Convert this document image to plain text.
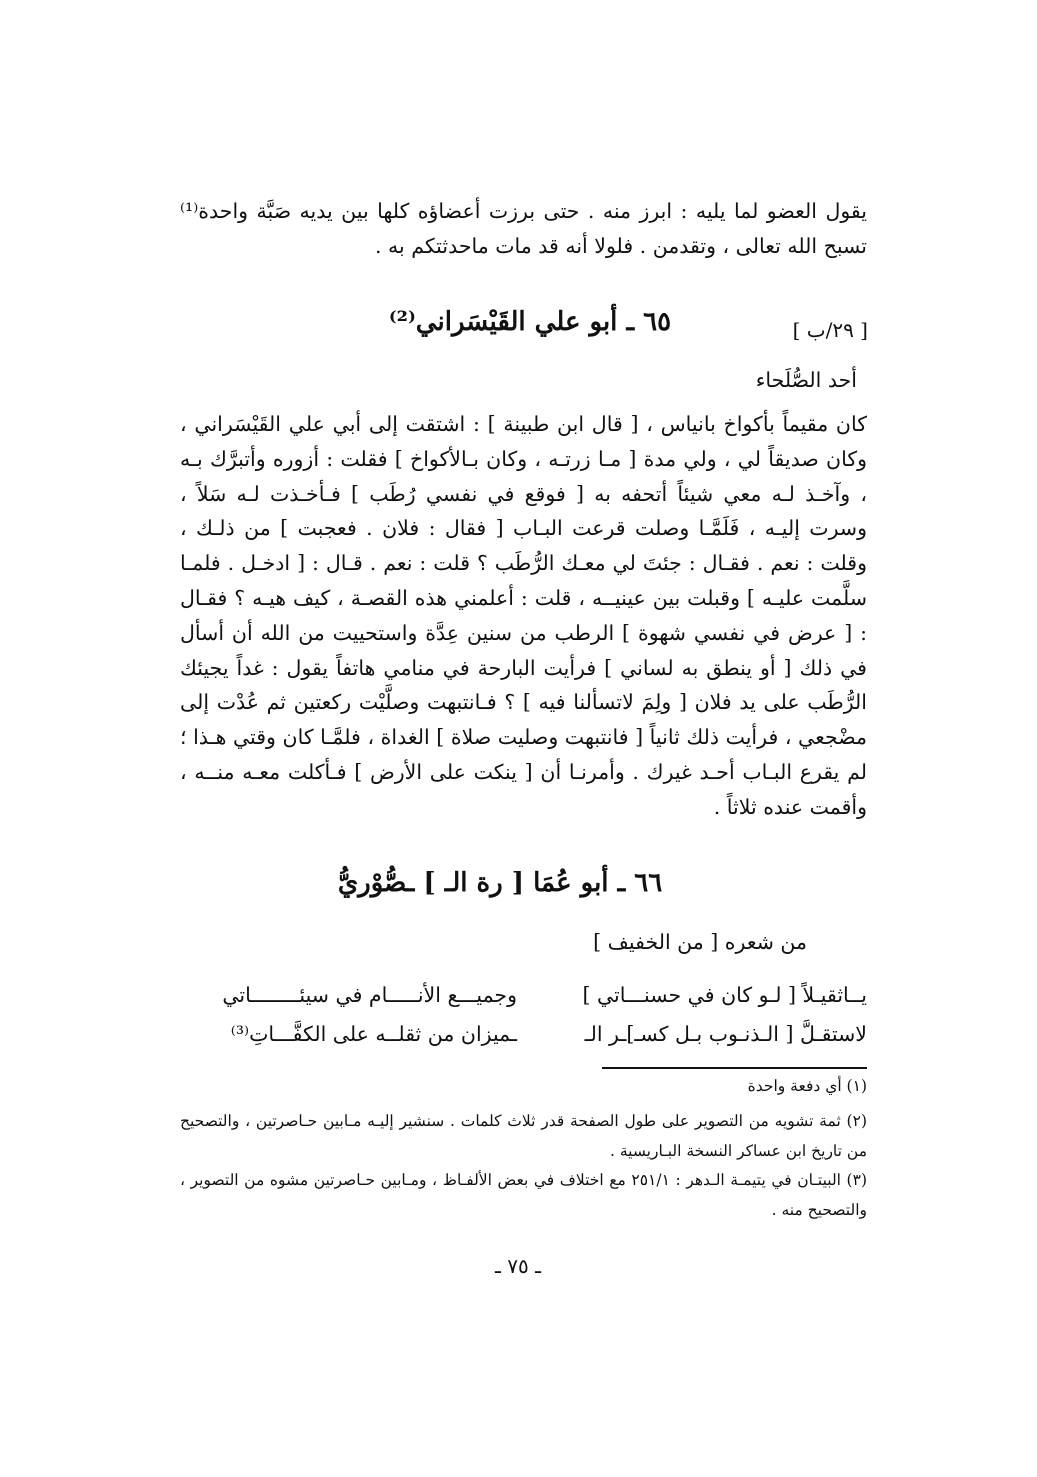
يقول العضو لما يليه : ابرز منه . حتى برزت أعضاؤه كلها بين يديه صَبَّة واحدة⁽¹⁾ تسبح الله تعالى ، وتقدمن . فلولا أنه قد مات ماحدثتكم به .

[ ٢٩/ب ]
٦٥ ـ أبو علي القَيْسَراني⁽²⁾
أحد الصُّلَحاء

كان مقيماً بأكواخ بانياس ، [ قال ابن طبينة ] : اشتقت إلى أبي علي القَيْسَراني ، وكان صديقاً لي ، ولي مدة [ مـا زرتـه ، وكان بـالأكواخ ] فقلت : أزوره وأتبرَّك بـه ، وآخـذ لـه معي شيئاً أتحفه به [ فوقع في نفسي رُطَب ] فـأخـذت لـه سَلاً ، وسرت إليـه ، فَلَمَّـا وصلت قرعت البـاب [ فقال : فلان . فعجبت ] من ذلـك ، وقلت : نعم . فقـال : جئتَ لي معـك الرُّطَب ؟ قلت : نعم . قـال : [ ادخـل . فلمـا سلَّمت عليـه ] وقبلت بين عينيــه ، قلت : أعلمني هذه القصـة ، كيف هيـه ؟ فقـال : [ عرض في نفسي شهوة ] الرطب من سنين عِدَّة واستحييت من الله أن أسأل في ذلك [ أو ينطق به لساني ] فرأيت البارحة في منامي هاتفاً يقول : غداً يجيئك الرُّطَب على يد فلان [ ولِمَ لاتسألنا فيه ] ؟ فـانتبهت وصلَّيْت ركعتين ثم عُدْت إلى مضْجعي ، فرأيت ذلك ثانياً [ فانتبهت وصليت صلاة ] الغداة ، فلمَّـا كان وقتي هـذا ؛ لم يقرع البـاب أحـد غيرك . وأمرنـا أن [ ينكت على الأرض ] فـأكلت معـه منــه ، وأقمت عنده ثلاثاً .

٦٦ ـ أبو عُمَا [ رة الـ ] ـصُّوْريُّ
من شعره [ من الخفيف ]
يــاثقيـلاً [ لـو كان في حسنـــاتي ]
وجميـــع الأنـــــام في سيئــــــــاتي
لاستقـلَّ [ الـذنـوب بـل كسـ]ـر الـ
ـميزان من ثقلــه على الكفَّـــاتِ⁽³⁾
(١) أي دفعة واحدة
(٢) ثمة تشويه من التصوير على طول الصفحة قدر ثلاث كلمات . سنشير إليـه مـابين حـاصرتين ، والتصحيح من تاريخ ابن عساكر النسخة البـاريسية .
(٣) البيتـان في يتيمـة الـدهر : ٢٥١/١ مع اختلاف في بعض الألفـاظ ، ومـابين حـاصرتين مشوه من التصوير ، والتصحيح منه .
ـ ٧٥ ـ
